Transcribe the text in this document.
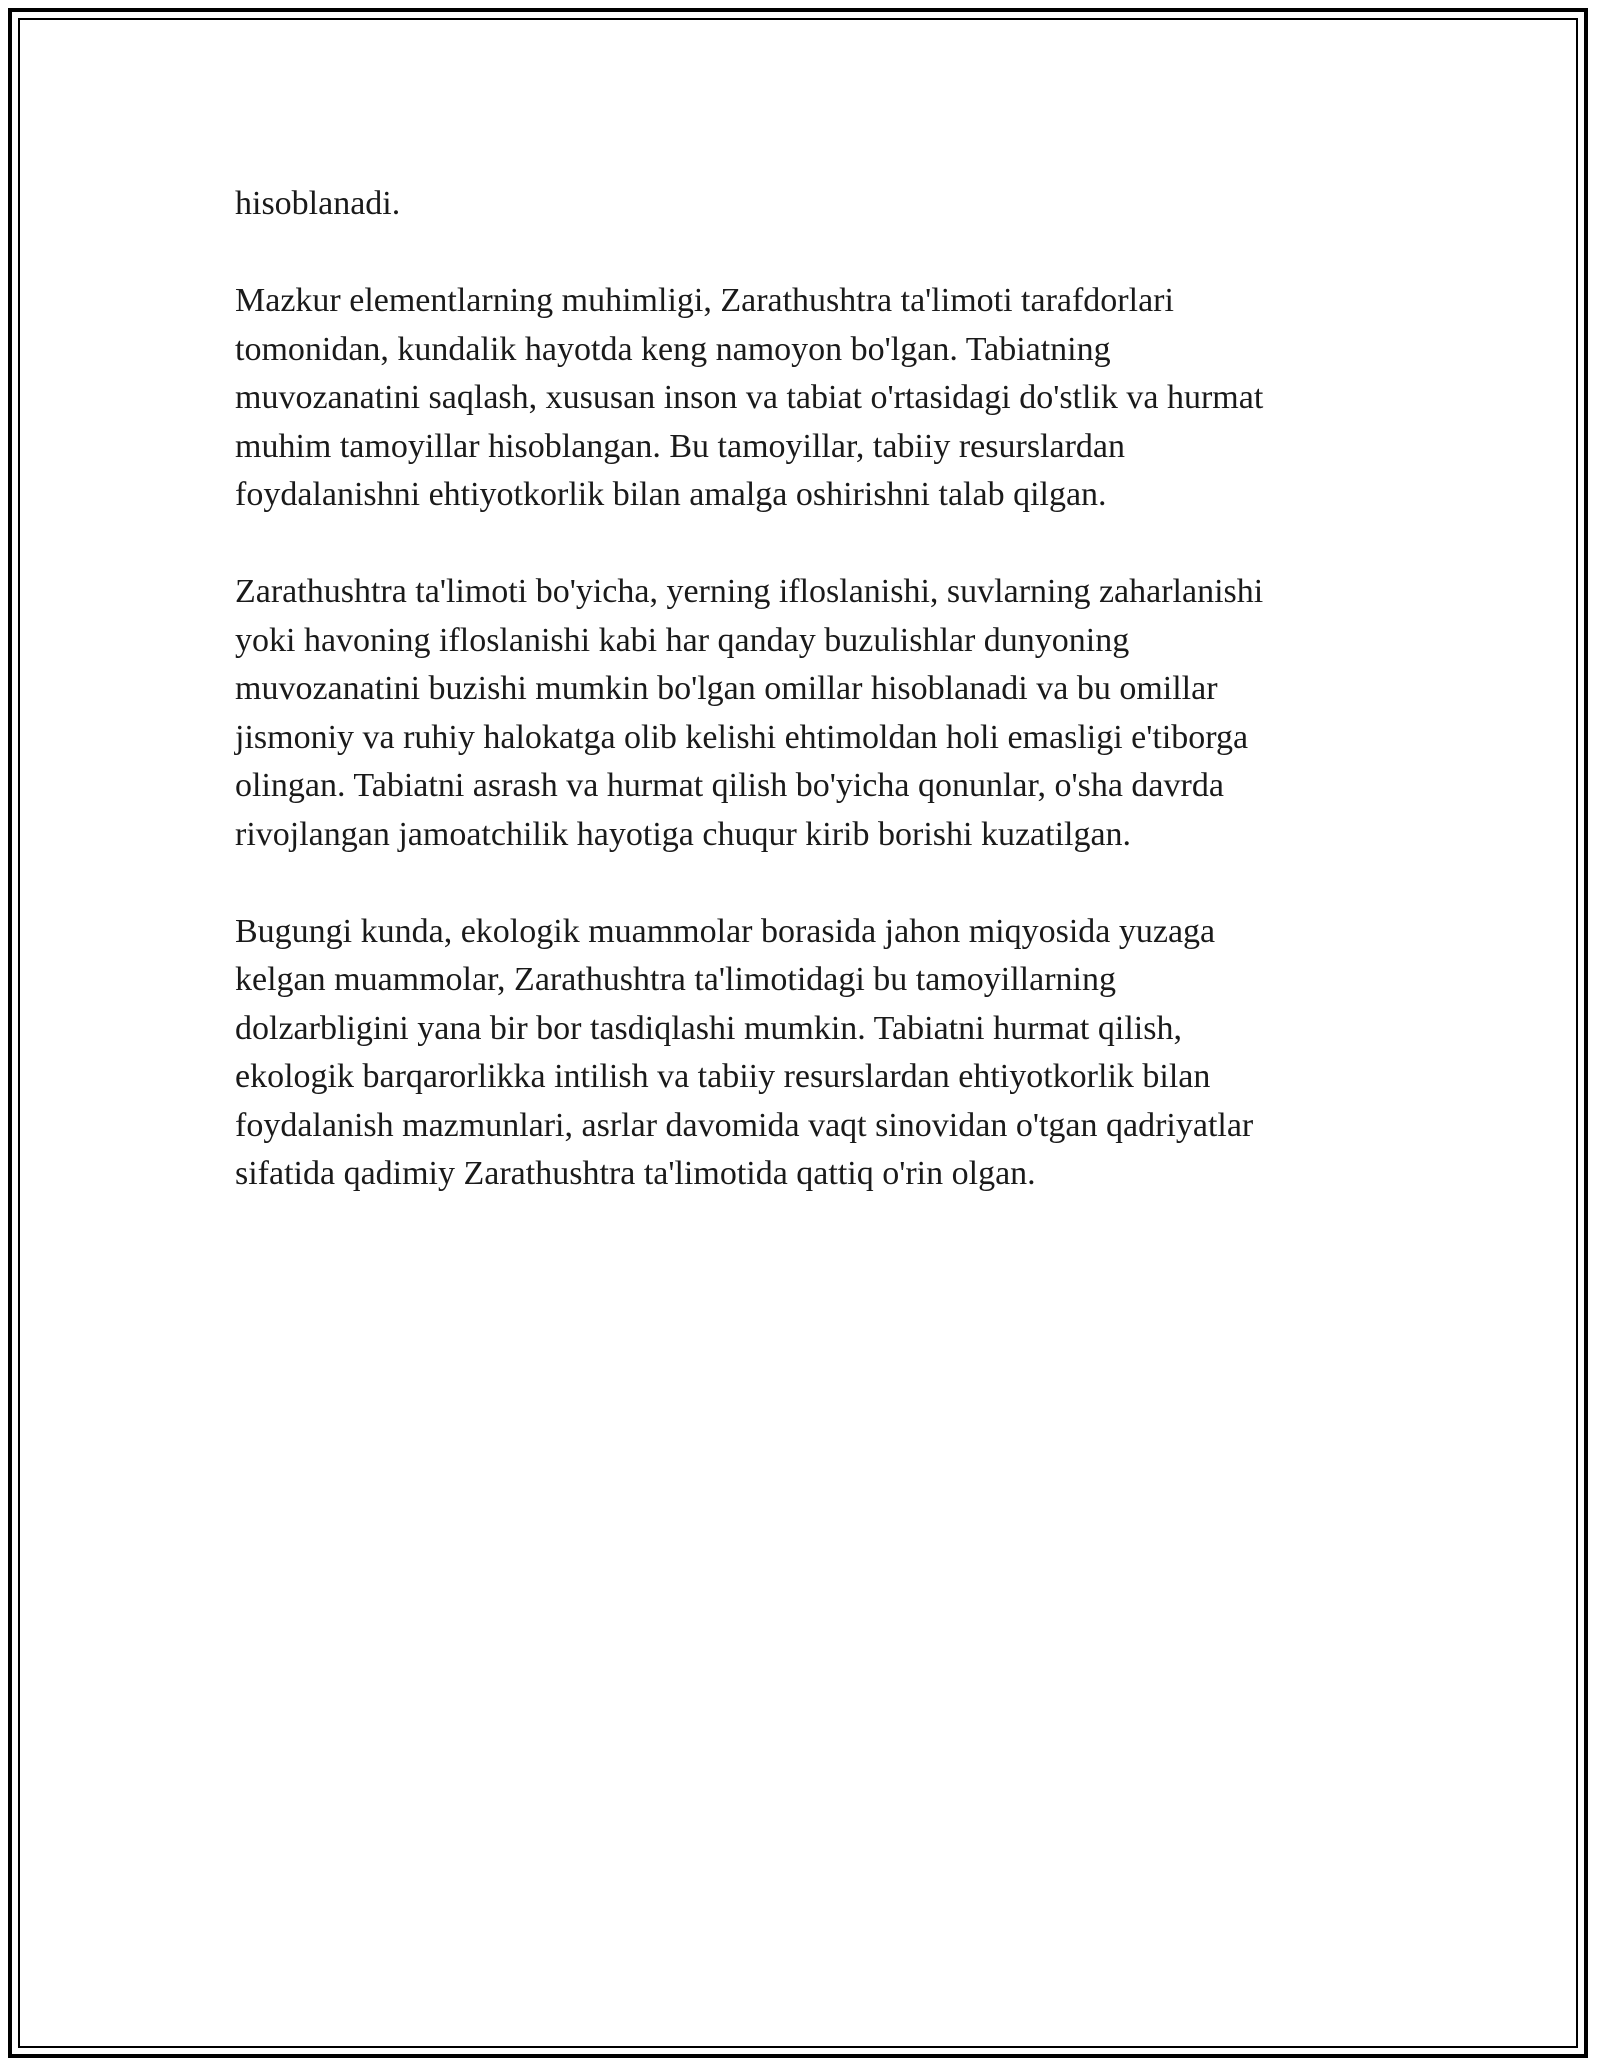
hisoblanadi.

Mazkur elementlarning muhimligi, Zarathushtra ta'limoti tarafdorlari

tomonidan, kundalik hayotda keng namoyon bo'lgan. Tabiatning

muvozanatini saqlash, xususan inson va tabiat o'rtasidagi do'stlik va hurmat

muhim tamoyillar hisoblangan. Bu tamoyillar, tabiiy resurslardan

foydalanishni ehtiyotkorlik bilan amalga oshirishni talab qilgan.

Zarathushtra ta'limoti bo'yicha, yerning ifloslanishi, suvlarning zaharlanishi

yoki havoning ifloslanishi kabi har qanday buzulishlar dunyoning

muvozanatini buzishi mumkin bo'lgan omillar hisoblanadi va bu omillar

jismoniy va ruhiy halokatga olib kelishi ehtimoldan holi emasligi e'tiborga

olingan. Tabiatni asrash va hurmat qilish bo'yicha qonunlar, o'sha davrda

rivojlangan jamoatchilik hayotiga chuqur kirib borishi kuzatilgan.

Bugungi kunda, ekologik muammolar borasida jahon miqyosida yuzaga

kelgan muammolar, Zarathushtra ta'limotidagi bu tamoyillarning

dolzarbligini yana bir bor tasdiqlashi mumkin. Tabiatni hurmat qilish,

ekologik barqarorlikka intilish va tabiiy resurslardan ehtiyotkorlik bilan

foydalanish mazmunlari, asrlar davomida vaqt sinovidan o'tgan qadriyatlar

sifatida qadimiy Zarathushtra ta'limotida qattiq o'rin olgan.
